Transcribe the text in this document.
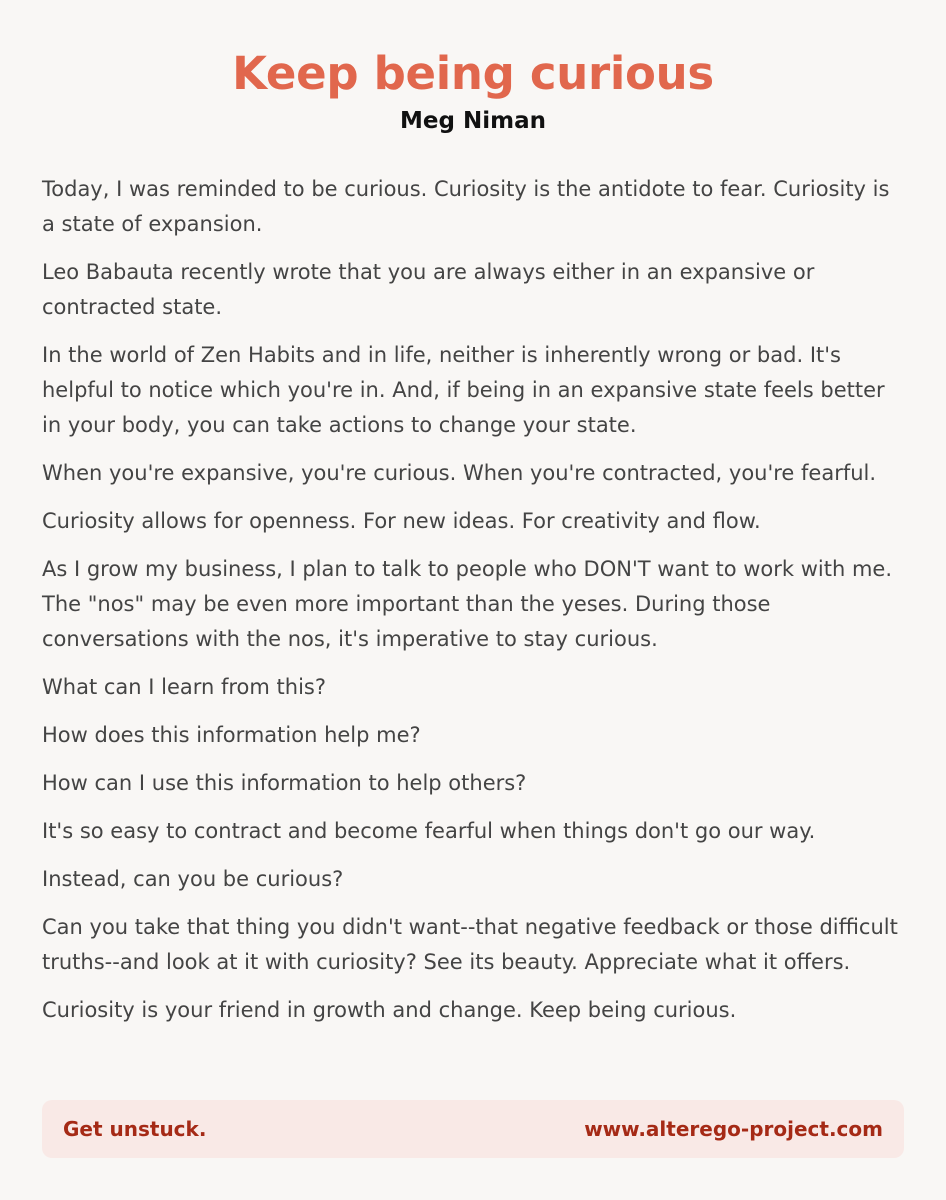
Keep being curious
Meg Niman

Today, I was reminded to be curious. Curiosity is the antidote to fear. Curiosity is a state of expansion.

Leo Babauta recently wrote that you are always either in an expansive or contracted state.

In the world of Zen Habits and in life, neither is inherently wrong or bad. It's helpful to notice which you're in. And, if being in an expansive state feels better in your body, you can take actions to change your state.

When you're expansive, you're curious. When you're contracted, you're fearful.

Curiosity allows for openness. For new ideas. For creativity and flow.

As I grow my business, I plan to talk to people who DON'T want to work with me. The "nos" may be even more important than the yeses. During those conversations with the nos, it's imperative to stay curious.

What can I learn from this?

How does this information help me?

How can I use this information to help others?

It's so easy to contract and become fearful when things don't go our way.

Instead, can you be curious?

Can you take that thing you didn't want--that negative feedback or those difficult truths--and look at it with curiosity? See its beauty. Appreciate what it offers.

Curiosity is your friend in growth and change. Keep being curious.

Get unstuck.	www.alterego-project.com
